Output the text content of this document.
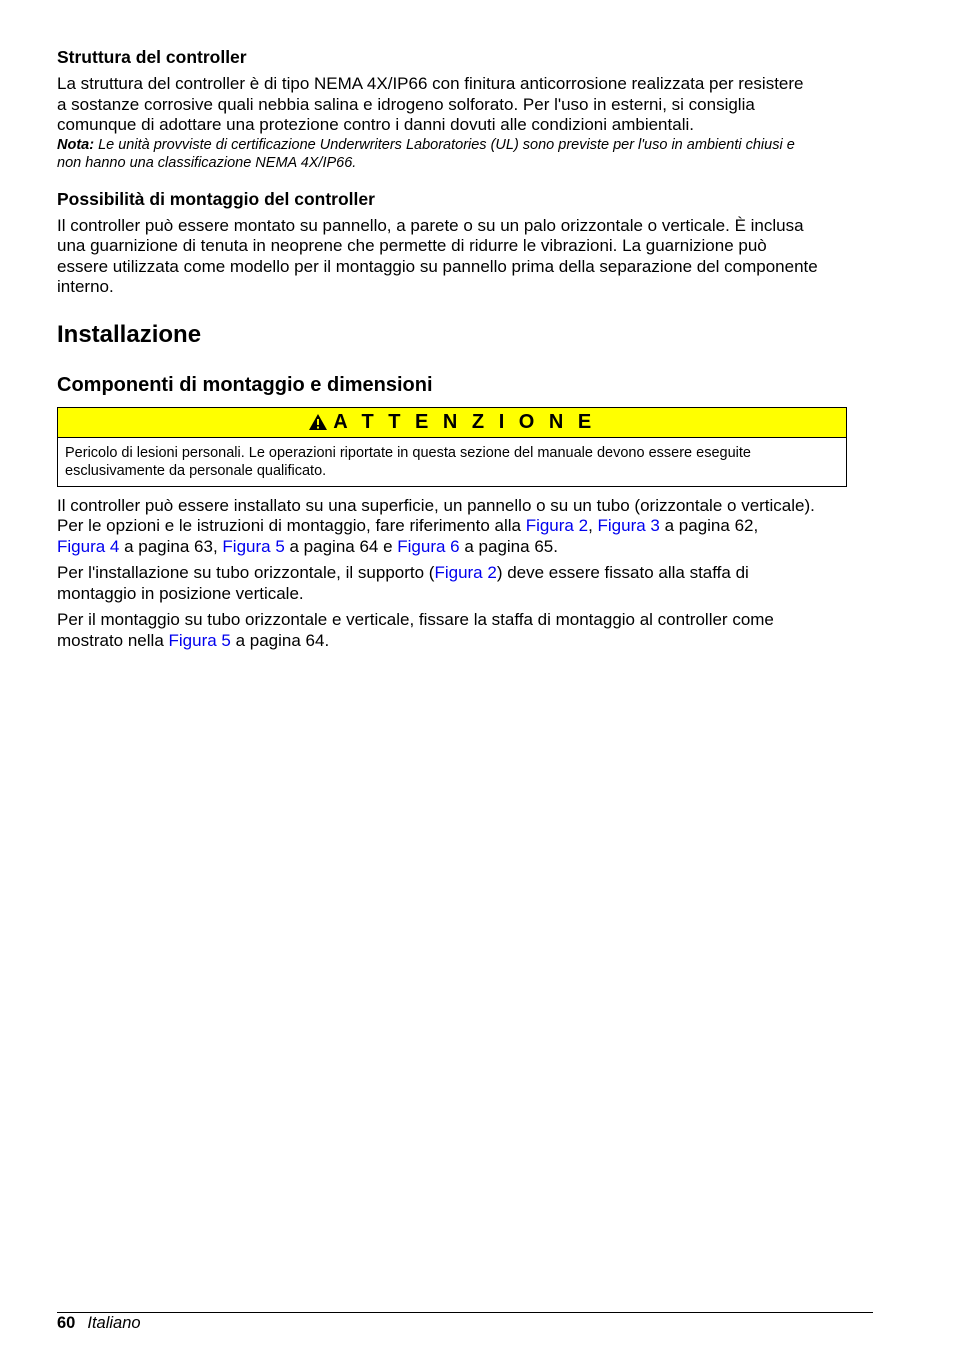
Struttura del controller

La struttura del controller è di tipo NEMA 4X/IP66 con finitura anticorrosione realizzata per resistere
a sostanze corrosive quali nebbia salina e idrogeno solforato. Per l'uso in esterni, si consiglia
comunque di adottare una protezione contro i danni dovuti alle condizioni ambientali.

Nota: Le unità provviste di certificazione Underwriters Laboratories (UL) sono previste per l'uso in ambienti chiusi e
non hanno una classificazione NEMA 4X/IP66.

Possibilità di montaggio del controller

Il controller può essere montato su pannello, a parete o su un palo orizzontale o verticale. È inclusa
una guarnizione di tenuta in neoprene che permette di ridurre le vibrazioni. La guarnizione può
essere utilizzata come modello per il montaggio su pannello prima della separazione del componente
interno.

Installazione
Componenti di montaggio e dimensioni
A T T E N Z I O N E
Pericolo di lesioni personali. Le operazioni riportate in questa sezione del manuale devono essere eseguite
esclusivamente da personale qualificato.

Il controller può essere installato su una superficie, un pannello o su un tubo (orizzontale o verticale).
Per le opzioni e le istruzioni di montaggio, fare riferimento alla Figura 2, Figura 3 a pagina 62,
Figura 4 a pagina 63, Figura 5 a pagina 64 e Figura 6 a pagina 65.

Per l'installazione su tubo orizzontale, il supporto (Figura 2) deve essere fissato alla staffa di
montaggio in posizione verticale.

Per il montaggio su tubo orizzontale e verticale, fissare la staffa di montaggio al controller come
mostrato nella Figura 5 a pagina 64.

60 Italiano
